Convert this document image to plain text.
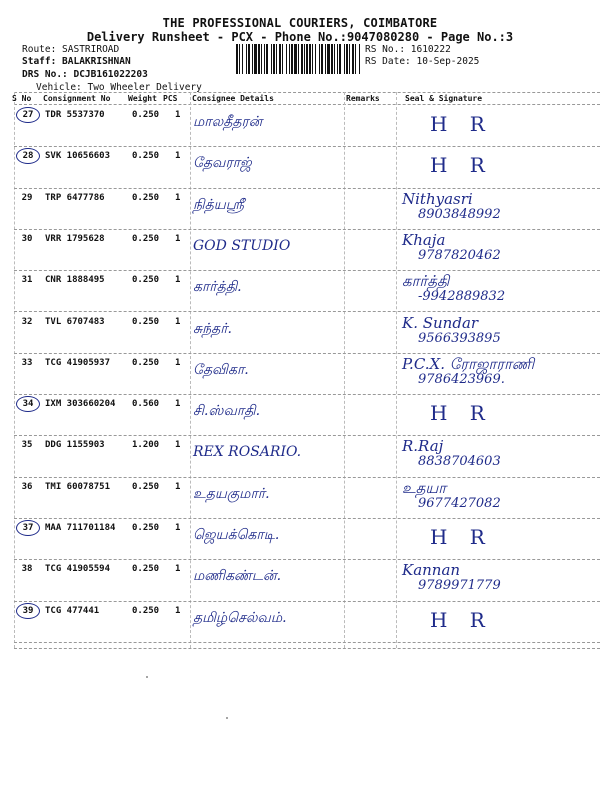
THE PROFESSIONAL COURIERS, COIMBATORE
Delivery Runsheet - PCX - Phone No.:9047080280 - Page No.:3
Route: SASTRIROAD
Staff: BALAKRISHNAN
DRS No.: DCJB161022203
Vehicle: Two Wheeler Delivery
RS No.: 1610222
RS Date: 10-Sep-2025
S No Consignment No Weight PCS Consignee Details	Remarks	Seal & Signature
27	TDR 5537370	0.250 1 மாலதீதரன்	H R
28	SVK 10656603 0.250 1 தேவராஜ்	H R
29	TRP 6477786	0.250 1 நித்யஶ்ரீ	Nithyasri
8903848992
30	VRR 1795628	0.250 1 GOD STUDIO	Khaja
9787820462
31	CNR 1888495	0.250 1 கார்த்தி.	கார்த்தி
-9942889832
32	TVL 6707483	0.250 1 சுந்தர்.	K. Sundar
9566393895
33	TCG 41905937 0.250 1 தேவிகா.	P.C.X. ரோஜாராணி
9786423969.
34	IXM 303660204 0.560 1 சி.ஸ்வாதி.	H R
35	DDG 1155903	1.200 1 REX ROSARIO.	R.Raj
8838704603
36	TMI 60078751 0.250 1 உதயகுமார்.	உதயா
9677427082
37	MAA 711701184 0.250 1 ஜெயக்கொடி.	H R
38	TCG 41905594 0.250 1 மணிகண்டன்.	Kannan
9789971779
39	TCG 477441	0.250 1 தமிழ்செல்வம்.	H R
